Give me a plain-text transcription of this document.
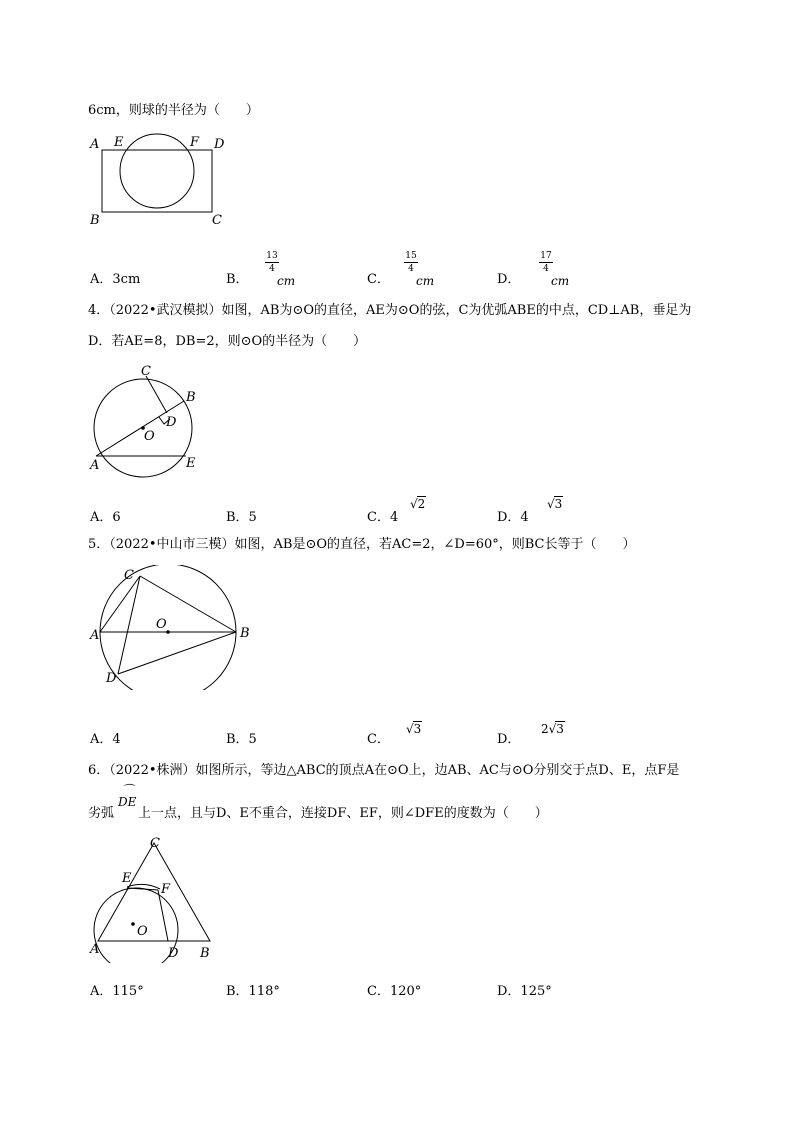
6cm，则球的半径为（　　）
A E	F D
B	C
A．3cm	B．
13
4
cm	C．
15
4
cm	D．
17
4
cm
4．（2022•武汉模拟）如图，AB为⊙O的直径，AE为⊙O的弦，C为优弧ABE的中点，CD⊥AB，垂足为
D．若AE=8，DB=2，则⊙O的半径为（　　）
C
B
D
O
A	E
A．6	B．5	C．4
√2
D．4
√3
5．（2022•中山市三模）如图，AB是⊙O的直径，若AC=2，∠D=60°，则BC长等于（　　）
C
O
A	B
D
A．4	B．5	C．
√3
D．
2√3
6．（2022•株洲）如图所示，等边△ABC的顶点A在⊙O上，边AB、AC与⊙O分别交于点D、E，点F是
劣弧
⌒
DE
上一点，且与D、E不重合，连接DF、EF，则∠DFE的度数为（　　）
C
E
F
O
A	D B
A．115°	B．118°	C．120°	D．125°
